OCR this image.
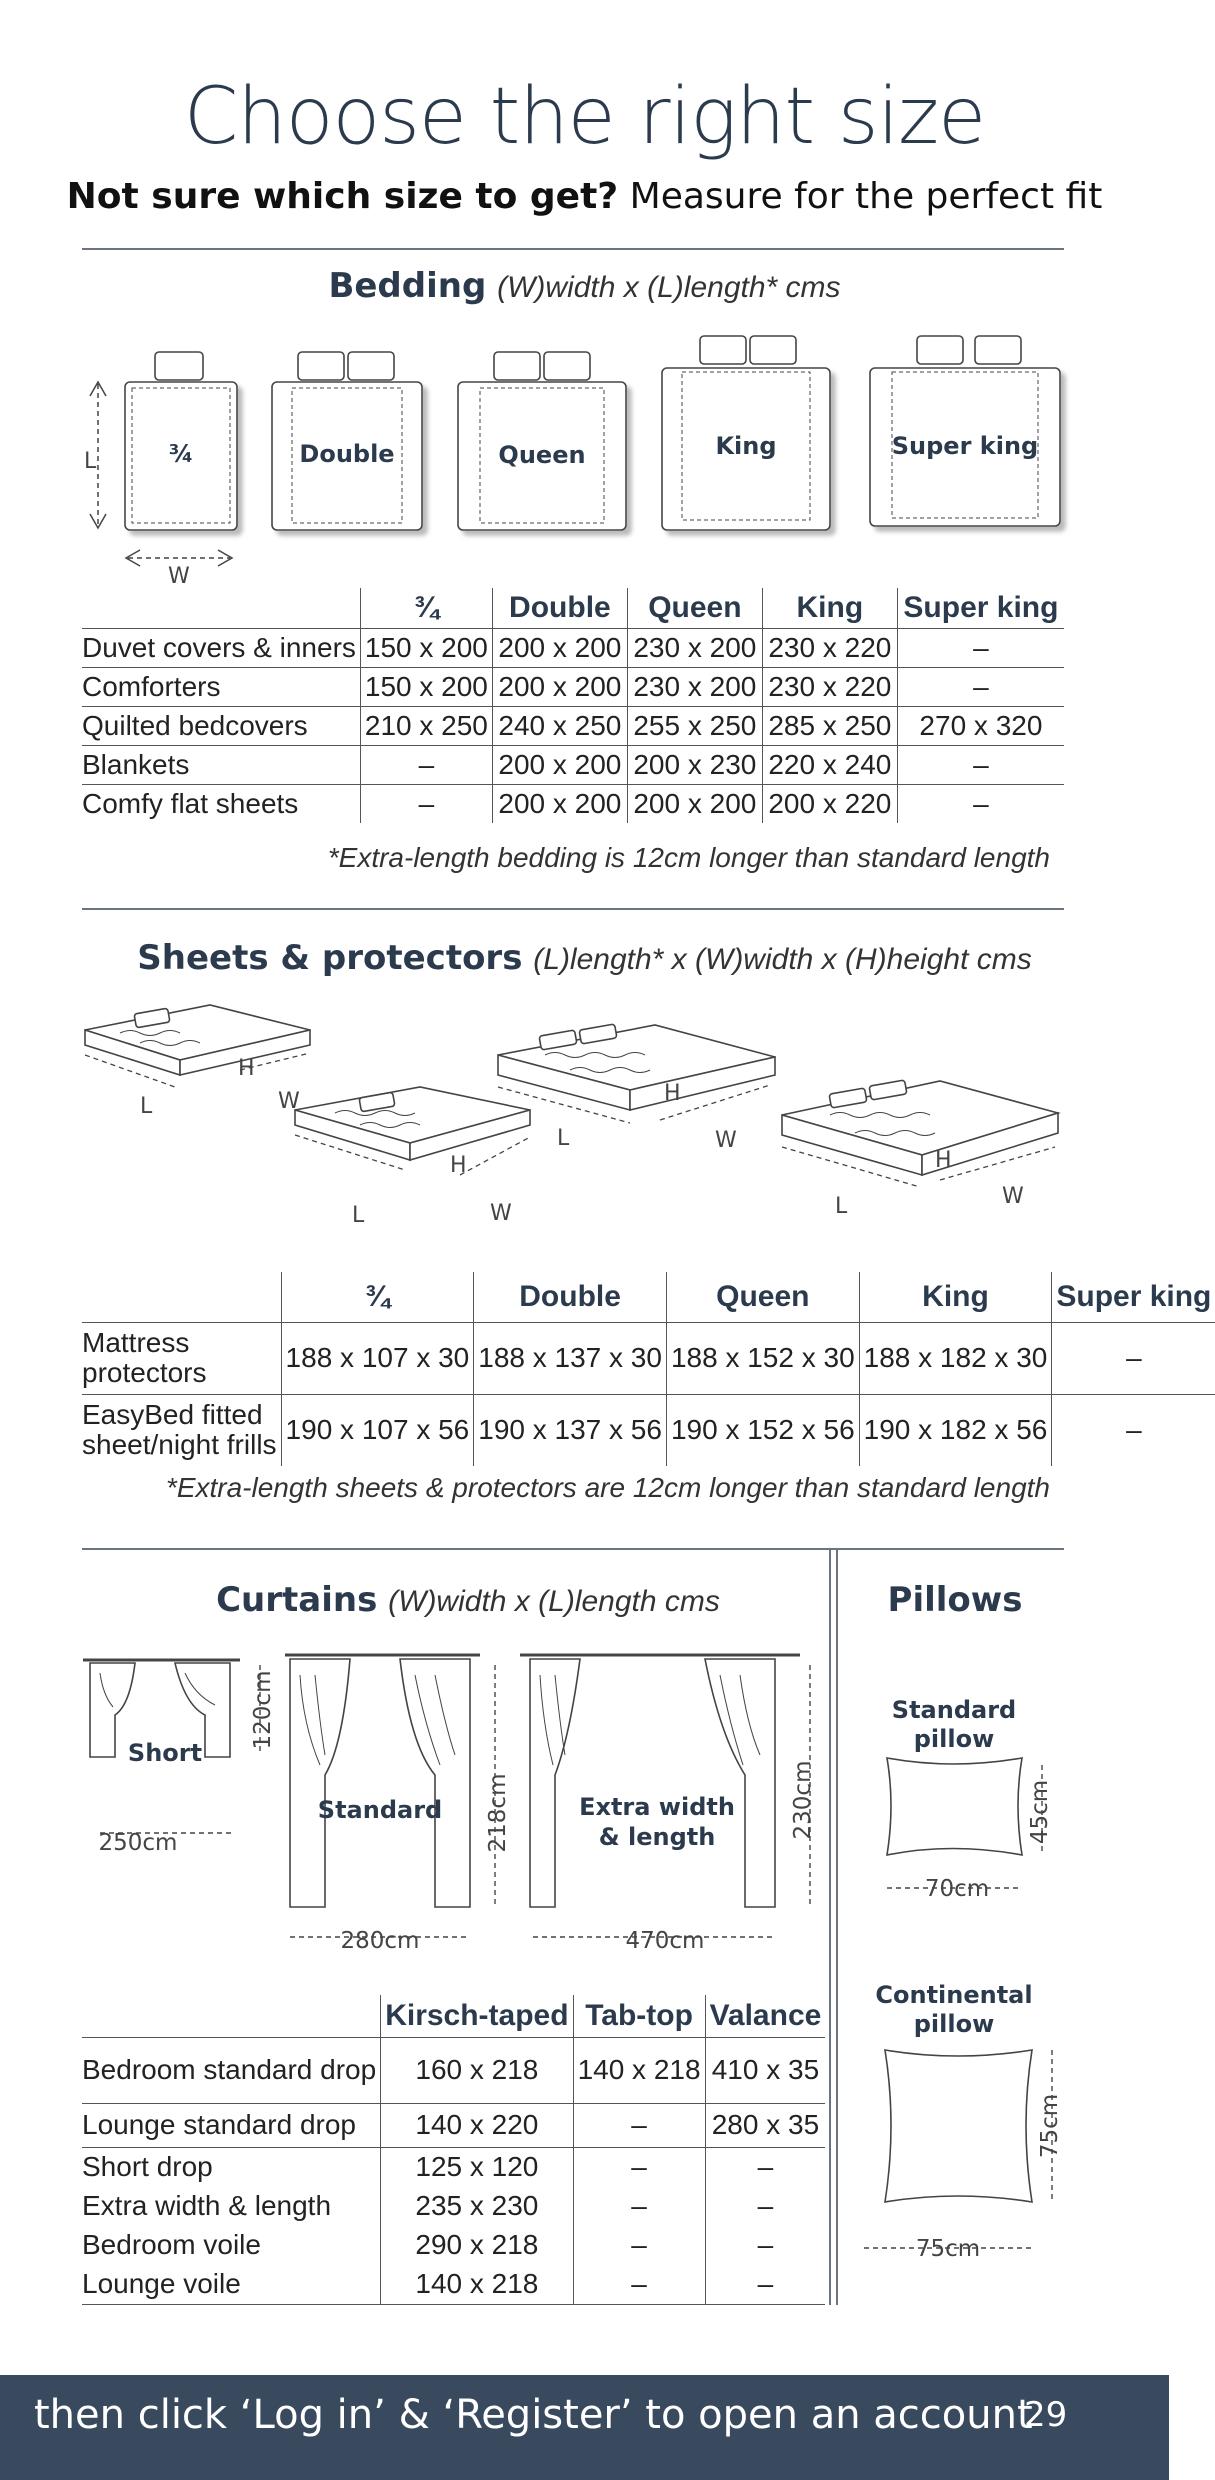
Choose the right size
Not sure which size to get? Measure for the perfect fit
Bedding (W)width x (L)length* cms
L
W
¾	Double	Queen	King	Super king
	¾	Double	Queen	King	Super king
Duvet covers & inners	150 x 200	200 x 200	230 x 200	230 x 220	–
Comforters	150 x 200	200 x 200	230 x 200	230 x 220	–
Quilted bedcovers	210 x 250	240 x 250	255 x 250	285 x 250	270 x 320
Blankets	–	200 x 200	200 x 230	220 x 240	–
Comfy flat sheets	–	200 x 200	200 x 200	200 x 220	–
*Extra-length bedding is 12cm longer than standard length
Sheets & protectors (L)length* x (W)width x (H)height cms
L	W
H
L	W
H
L	W
H
L	W
H
	¾	Double	Queen	King	Super king
Mattress
protectors	188 x 107 x 30	188 x 137 x 30	188 x 152 x 30	188 x 182 x 30	–
EasyBed fitted
sheet/night frills	190 x 107 x 56	190 x 137 x 56	190 x 152 x 56	190 x 182 x 56	–
*Extra-length sheets & protectors are 12cm longer than standard length
Curtains (W)width x (L)length cms
250cm
280cm	470cm
120cm
218cm	230cm
Short
Standard	Extra width
& length
	Kirsch-taped	Tab-top	Valance
Bedroom standard drop	160 x 218	140 x 218	410 x 35
Lounge standard drop	140 x 220	–	280 x 35
Short drop	125 x 120	–	–
Extra width & length	235 x 230	–	–
Bedroom voile	290 x 218	–	–
Lounge voile	140 x 218	–	–
Pillows
Standard
pillow
Continental
pillow
70cm
45cm
75cm
75cm
then click ‘Log in’ & ‘Register’ to open an account
29
